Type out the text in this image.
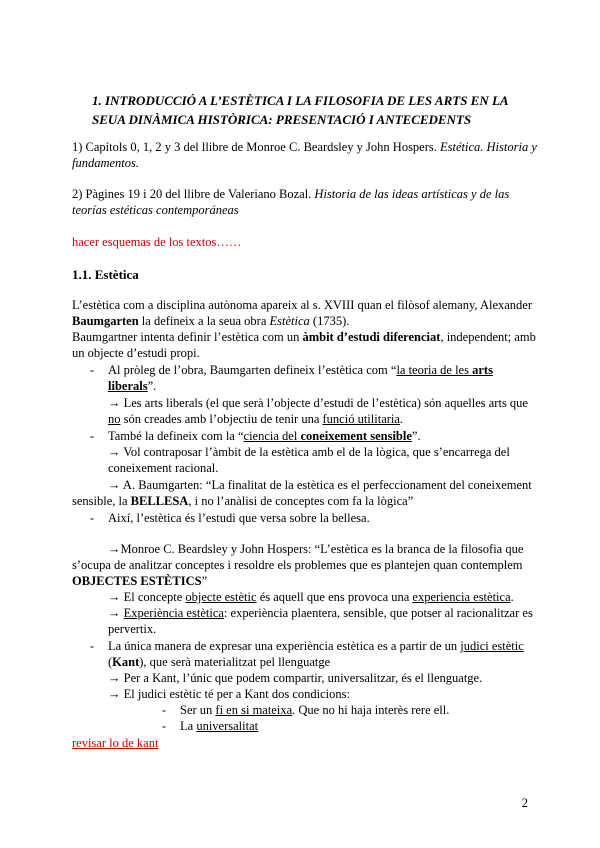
1. INTRODUCCIÓ A L’ESTÈTICA I LA FILOSOFIA DE LES ARTS EN LA SEUA DINÀMICA HISTÒRICA: PRESENTACIÓ I ANTECEDENTS
1) Capítols 0, 1, 2 y 3 del llibre de Monroe C. Beardsley y John Hospers. Estética. Historia y
fundamentos.
2) Pàgines 19 i 20 del llibre de Valeriano Bozal. Historia de las ideas artísticas y de las
teorías estéticas contemporáneas
hacer esquemas de los textos……
1.1. Estètica
L’estètica com a disciplina autònoma apareix al s. XVIII quan el filòsof alemany, Alexander
Baumgarten la defineix a la seua obra Estètica (1735).
Baumgartner intenta definir l’estètica com un àmbit d’estudi diferenciat, independent; amb
un objecte d’estudi propi.
- Al pròleg de l’obra, Baumgarten defineix l’estètica com “la teoria de les arts
liberals”.
→ Les arts liberals (el que serà l’objecte d’estudi de l’estètica) són aquelles arts que
no són creades amb l’objectiu de tenir una funció utilitaria.
- També la defineix com la “ciencia del coneixement sensible”.
→ Vol contraposar l’àmbit de la estètica amb el de la lògica, que s’encarrega del
coneixement racional.
→ A. Baumgarten: “La finalitat de la estètica es el perfeccionament del coneixement
sensible, la BELLESA, i no l’anàlisi de conceptes com fa la lògica”
- Així, l’estètica és l’estudi que versa sobre la bellesa.
→Monroe C. Beardsley y John Hospers: “L’estètica es la branca de la filosofia que
s’ocupa de analitzar conceptes i resoldre els problemes que es plantejen quan contemplem
OBJECTES ESTÈTICS”
→ El concepte objecte estètic és aquell que ens provoca una experiencia estètica.
→ Experiència estètica: experiència plaentera, sensible, que potser al racionalitzar es
pervertix.
- La única manera de expresar una experiència estètica es a partir de un judici estètic
(Kant), que serà materialitzat pel llenguatge
→ Per a Kant, l’únic que podem compartir, universalitzar, és el llenguatge.
→ El judici estètic té per a Kant dos condicions:
- Ser un fi en si mateixa. Que no hi haja interès rere ell.
- La universalitat
revisar lo de kant
2
